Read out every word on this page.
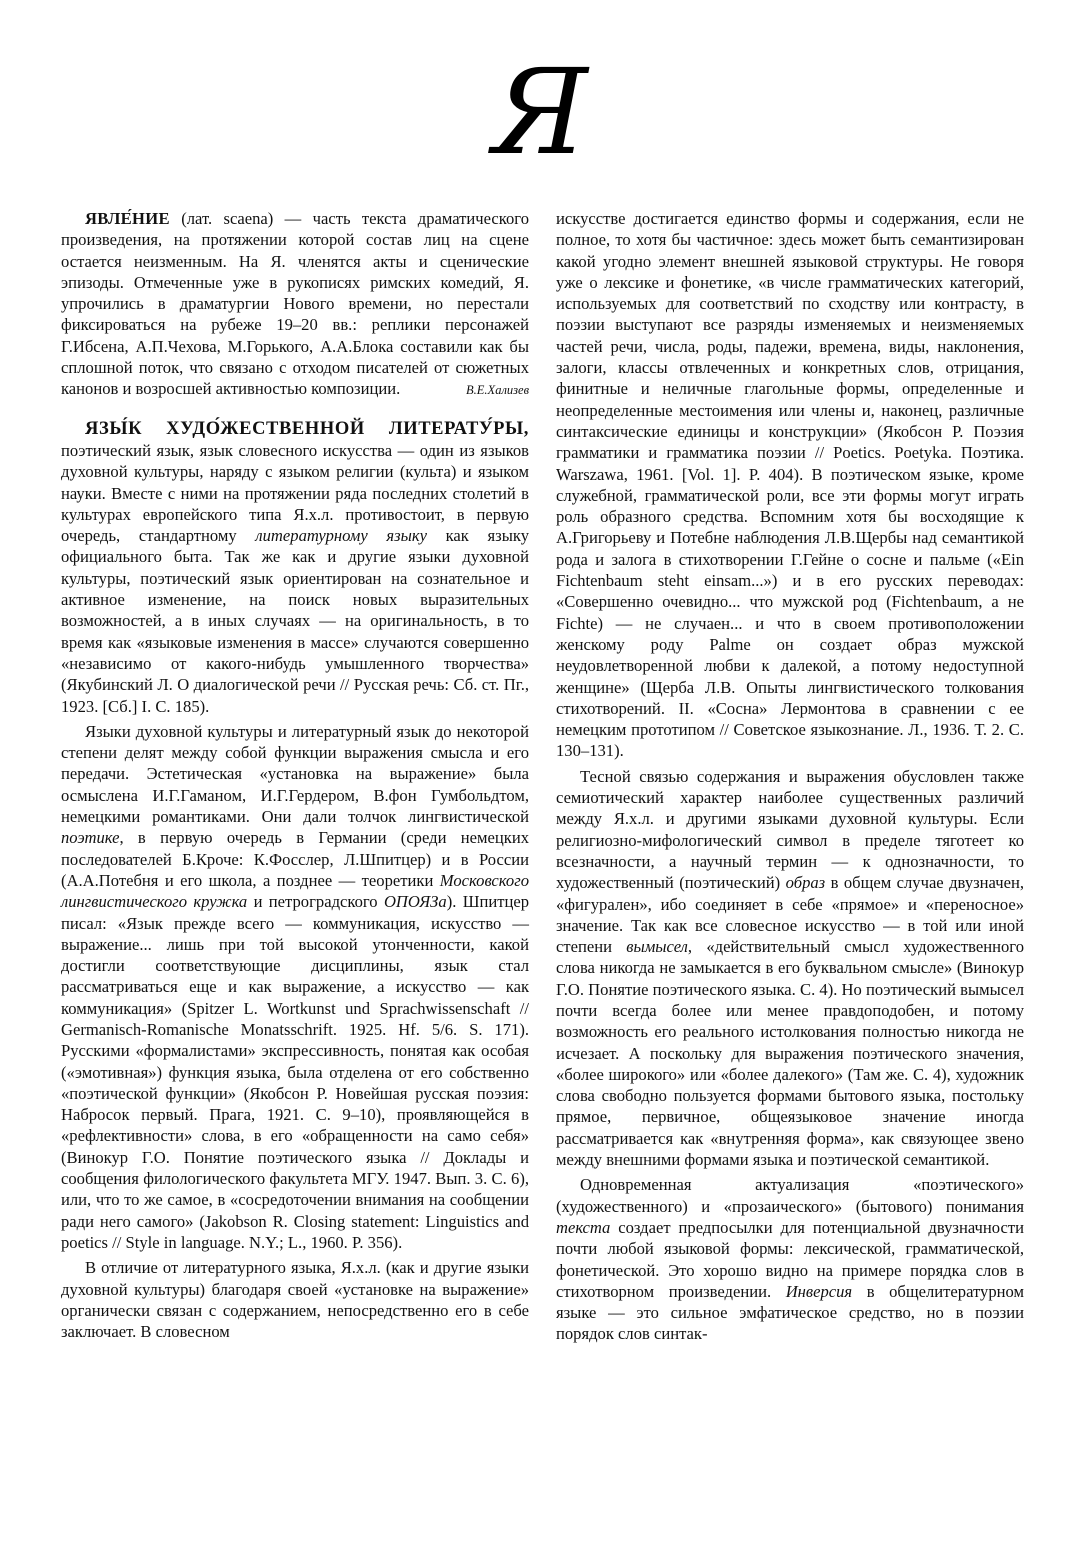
Я

ЯВЛЕ́НИЕ (лат. scaena) — часть текста драматического произведения, на протяжении которой состав лиц на сцене остается неизменным. На Я. членятся акты и сценические эпизоды. Отмеченные уже в рукописях римских комедий, Я. упрочились в драматургии Нового времени, но перестали фиксироваться на рубеже 19–20 вв.: реплики персонажей Г.Ибсена, А.П.Чехова, М.Горького, А.А.Блока составили как бы сплошной поток, что связано с отходом писателей от сюжетных канонов и возросшей активностью композиции.	В.Е.Хализев

ЯЗЫ́К ХУДО́ЖЕСТВЕННОЙ ЛИТЕРАТУ́РЫ, поэтический язык, язык словесного искусства — один из языков духовной культуры, наряду с языком религии (культа) и языком науки. Вместе с ними на протяжении ряда последних столетий в культурах европейского типа Я.х.л. противостоит, в первую очередь, стандартному литературному языку как языку официального быта. Так же как и другие языки духовной культуры, поэтический язык ориентирован на сознательное и активное изменение, на поиск новых выразительных возможностей, а в иных случаях — на оригинальность, в то время как «языковые изменения в массе» случаются совершенно «независимо от какого-нибудь умышленного творчества» (Якубинский Л. О диалогической речи // Русская речь: Сб. ст. Пг., 1923. [Сб.] I. С. 185).

Языки духовной культуры и литературный язык до некоторой степени делят между собой функции выражения смысла и его передачи. Эстетическая «установка на выражение» была осмыслена И.Г.Гаманом, И.Г.Гердером, В.фон Гумбольдтом, немецкими романтиками. Они дали толчок лингвистической поэтике, в первую очередь в Германии (среди немецких последователей Б.Кроче: К.Фосслер, Л.Шпитцер) и в России (А.А.Потебня и его школа, а позднее — теоретики Московского лингвистического кружка и петроградского ОПОЯЗа). Шпитцер писал: «Язык прежде всего — коммуникация, искусство — выражение... лишь при той высокой утонченности, какой достигли соответствующие дисциплины, язык стал рассматриваться еще и как выражение, а искусство — как коммуникация» (Spitzer L. Wortkunst und Sprachwissenschaft // Germanisch-Romanische Monatsschrift. 1925. Hf. 5/6. S. 171). Русскими «формалистами» экспрессивность, понятая как особая («эмотивная») функция языка, была отделена от его собственно «поэтической функции» (Якобсон Р. Новейшая русская поэзия: Набросок первый. Прага, 1921. С. 9–10), проявляющейся в «рефлективности» слова, в его «обращенности на само себя» (Винокур Г.О. Понятие поэтического языка // Доклады и сообщения филологического факультета МГУ. 1947. Вып. 3. С. 6), или, что то же самое, в «сосредоточении внимания на сообщении ради него самого» (Jakobson R. Closing statement: Linguistics and poetics // Style in language. N.Y.; L., 1960. P. 356).

В отличие от литературного языка, Я.х.л. (как и другие языки духовной культуры) благодаря своей «установке на выражение» органически связан с содержанием, непосредственно его в себе заключает. В словесном

искусстве достигается единство формы и содержания, если не полное, то хотя бы частичное: здесь может быть семантизирован какой угодно элемент внешней языковой структуры. Не говоря уже о лексике и фонетике, «в числе грамматических категорий, используемых для соответствий по сходству или контрасту, в поэзии выступают все разряды изменяемых и неизменяемых частей речи, числа, роды, падежи, времена, виды, наклонения, залоги, классы отвлеченных и конкретных слов, отрицания, финитные и неличные глагольные формы, определенные и неопределенные местоимения или члены и, наконец, различные синтаксические единицы и конструкции» (Якобсон Р. Поэзия грамматики и грамматика поэзии // Poetics. Poetyka. Поэтика. Warszawa, 1961. [Vol. 1]. P. 404). В поэтическом языке, кроме служебной, грамматической роли, все эти формы могут играть роль образного средства. Вспомним хотя бы восходящие к А.Григорьеву и Потебне наблюдения Л.В.Щербы над семантикой рода и залога в стихотворении Г.Гейне о сосне и пальме («Ein Fichtenbaum steht einsam...») и в его русских переводах: «Совершенно очевидно... что мужской род (Fichtenbaum, а не Fichte) — не случаен... и что в своем противоположении женскому роду Palme он создает образ мужской неудовлетворенной любви к далекой, а потому недоступной женщине» (Щерба Л.В. Опыты лингвистического толкования стихотворений. II. «Сосна» Лермонтова в сравнении с ее немецким прототипом // Советское языкознание. Л., 1936. Т. 2. С. 130–131).

Тесной связью содержания и выражения обусловлен также семиотический характер наиболее существенных различий между Я.х.л. и другими языками духовной культуры. Если религиозно-мифологический символ в пределе тяготеет ко всезначности, а научный термин — к однозначности, то художественный (поэтический) образ в общем случае двузначен, «фигурален», ибо соединяет в себе «прямое» и «переносное» значение. Так как все словесное искусство — в той или иной степени вымысел, «действительный смысл художественного слова никогда не замыкается в его буквальном смысле» (Винокур Г.О. Понятие поэтического языка. С. 4). Но поэтический вымысел почти всегда более или менее правдоподобен, и потому возможность его реального истолкования полностью никогда не исчезает. А поскольку для выражения поэтического значения, «более широкого» или «более далекого» (Там же. С. 4), художник слова свободно пользуется формами бытового языка, постольку прямое, первичное, общеязыковое значение иногда рассматривается как «внутренняя форма», как связующее звено между внешними формами языка и поэтической семантикой.

Одновременная актуализация «поэтического» (художественного) и «прозаического» (бытового) понимания текста создает предпосылки для потенциальной двузначности почти любой языковой формы: лексической, грамматической, фонетической. Это хорошо видно на примере порядка слов в стихотворном произведении. Инверсия в общелитературном языке — это сильное эмфатическое средство, но в поэзии порядок слов синтак-
